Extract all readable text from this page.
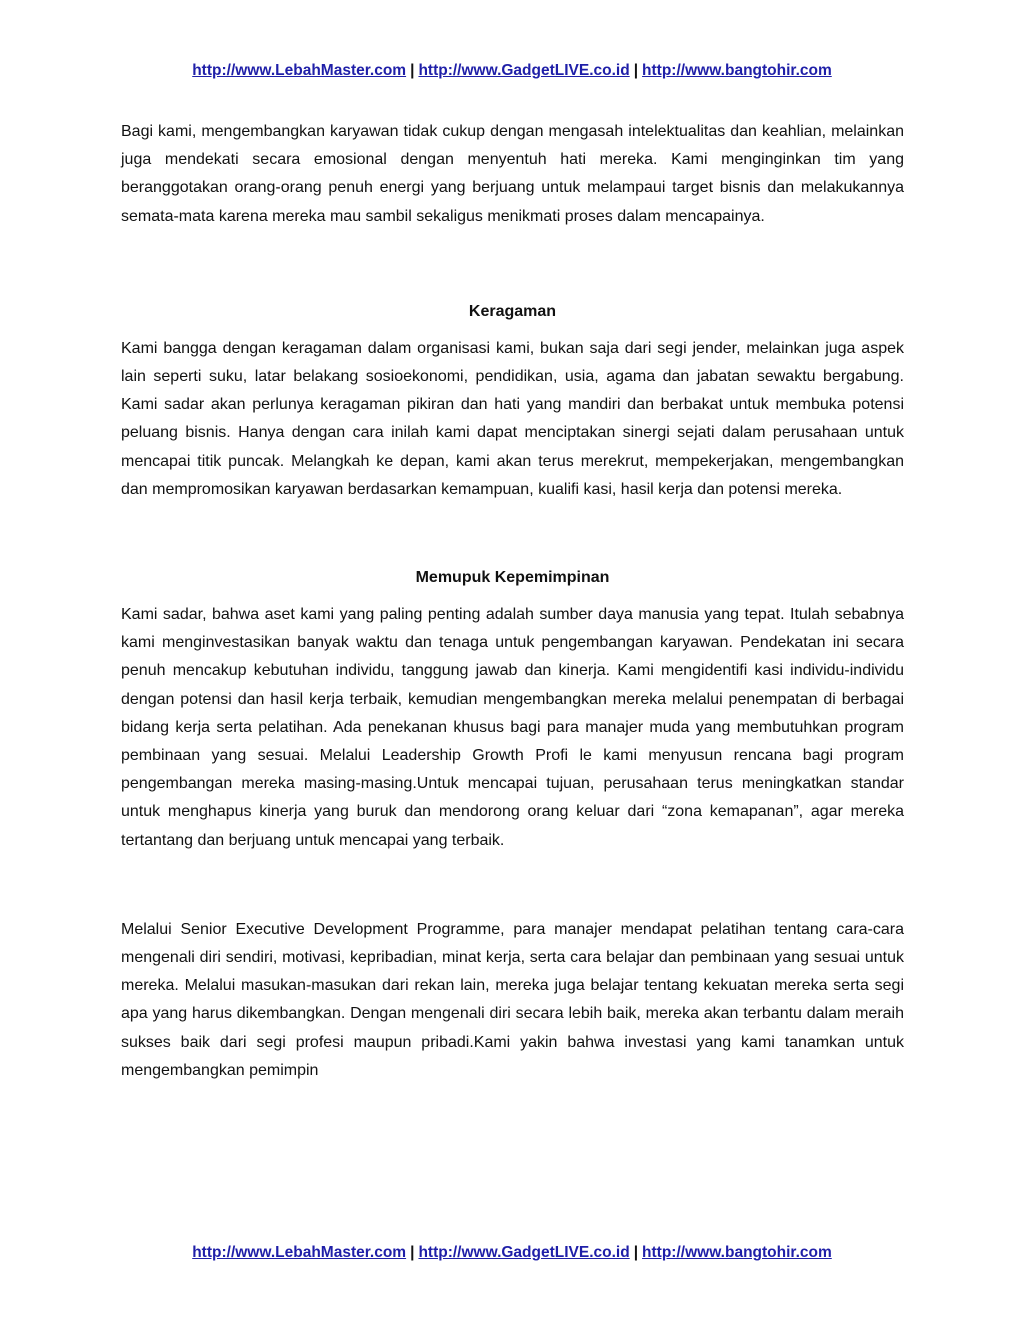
http://www.LebahMaster.com | http://www.GadgetLIVE.co.id | http://www.bangtohir.com

Bagi kami, mengembangkan karyawan tidak cukup dengan mengasah intelektualitas dan keahlian, melainkan juga mendekati secara emosional dengan menyentuh hati mereka. Kami menginginkan tim yang beranggotakan orang-orang penuh energi yang berjuang untuk melampaui target bisnis dan melakukannya semata-mata karena mereka mau sambil sekaligus menikmati proses dalam mencapainya.

Keragaman

Kami bangga dengan keragaman dalam organisasi kami, bukan saja dari segi jender, melainkan juga aspek lain seperti suku, latar belakang sosioekonomi, pendidikan, usia, agama dan jabatan sewaktu bergabung. Kami sadar akan perlunya keragaman pikiran dan hati yang mandiri dan berbakat untuk membuka potensi peluang bisnis. Hanya dengan cara inilah kami dapat menciptakan sinergi sejati dalam perusahaan untuk mencapai titik puncak. Melangkah ke depan, kami akan terus merekrut, mempekerjakan, mengembangkan dan mempromosikan karyawan berdasarkan kemampuan, kualifi kasi, hasil kerja dan potensi mereka.

Memupuk Kepemimpinan

Kami sadar, bahwa aset kami yang paling penting adalah sumber daya manusia yang tepat. Itulah sebabnya kami menginvestasikan banyak waktu dan tenaga untuk pengembangan karyawan. Pendekatan ini secara penuh mencakup kebutuhan individu, tanggung jawab dan kinerja. Kami mengidentifi kasi individu-individu dengan potensi dan hasil kerja terbaik, kemudian mengembangkan mereka melalui penempatan di berbagai bidang kerja serta pelatihan. Ada penekanan khusus bagi para manajer muda yang membutuhkan program pembinaan yang sesuai. Melalui Leadership Growth Profi le kami menyusun rencana bagi program pengembangan mereka masing-masing.Untuk mencapai tujuan, perusahaan terus meningkatkan standar untuk menghapus kinerja yang buruk dan mendorong orang keluar dari “zona kemapanan”, agar mereka tertantang dan berjuang untuk mencapai yang terbaik.

Melalui Senior Executive Development Programme, para manajer mendapat pelatihan tentang cara-cara mengenali diri sendiri, motivasi, kepribadian, minat kerja, serta cara belajar dan pembinaan yang sesuai untuk mereka. Melalui masukan-masukan dari rekan lain, mereka juga belajar tentang kekuatan mereka serta segi apa yang harus dikembangkan. Dengan mengenali diri secara lebih baik, mereka akan terbantu dalam meraih sukses baik dari segi profesi maupun pribadi.Kami yakin bahwa investasi yang kami tanamkan untuk mengembangkan pemimpin

http://www.LebahMaster.com | http://www.GadgetLIVE.co.id | http://www.bangtohir.com
